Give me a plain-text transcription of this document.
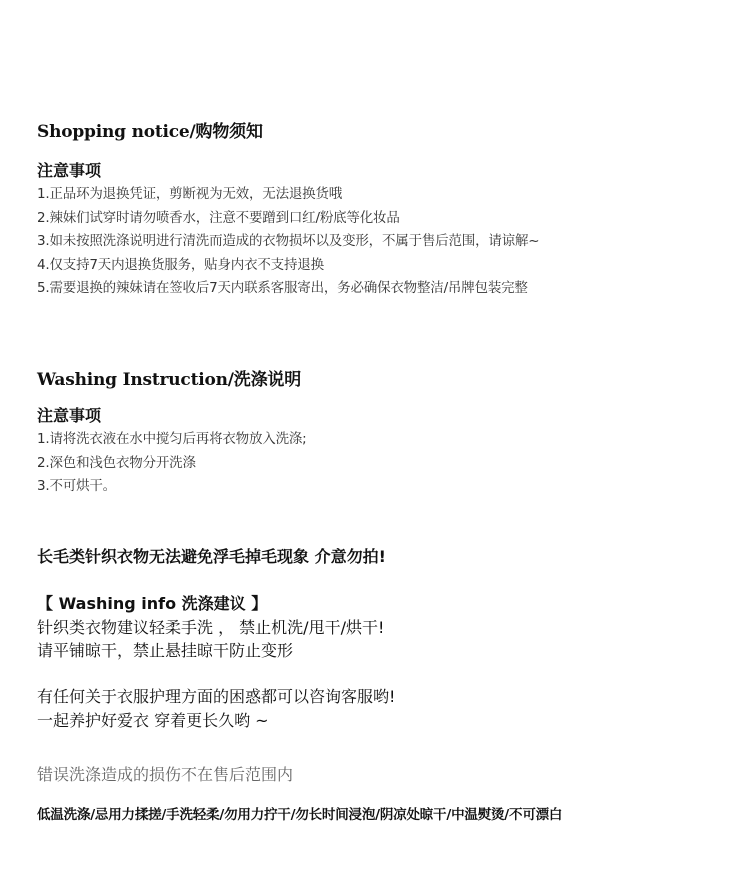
Shopping notice/购物须知
注意事项
1.正品环为退换凭证，剪断视为无效，无法退换货哦
2.辣妹们试穿时请勿喷香水，注意不要蹭到口红/粉底等化妆品
3.如未按照洗涤说明进行清洗而造成的衣物损坏以及变形，不属于售后范围，请谅解~
4.仅支持7天内退换货服务，贴身内衣不支持退换
5.需要退换的辣妹请在签收后7天内联系客服寄出，务必确保衣物整洁/吊牌包装完整
Washing Instruction/洗涤说明
注意事项
1.请将洗衣液在水中搅匀后再将衣物放入洗涤;
2.深色和浅色衣物分开洗涤
3.不可烘干。
长毛类针织衣物无法避免浮毛掉毛现象 介意勿拍!
【 Washing info 洗涤建议 】
针织类衣物建议轻柔手洗 ， 禁止机洗/甩干/烘干!
请平铺晾干，禁止悬挂晾干防止变形
有任何关于衣服护理方面的困惑都可以咨询客服哟!
一起养护好爱衣 穿着更长久哟 ~
错误洗涤造成的损伤不在售后范围内
低温洗涤/忌用力揉搓/手洗轻柔/勿用力拧干/勿长时间浸泡/阴凉处晾干/中温熨烫/不可漂白
